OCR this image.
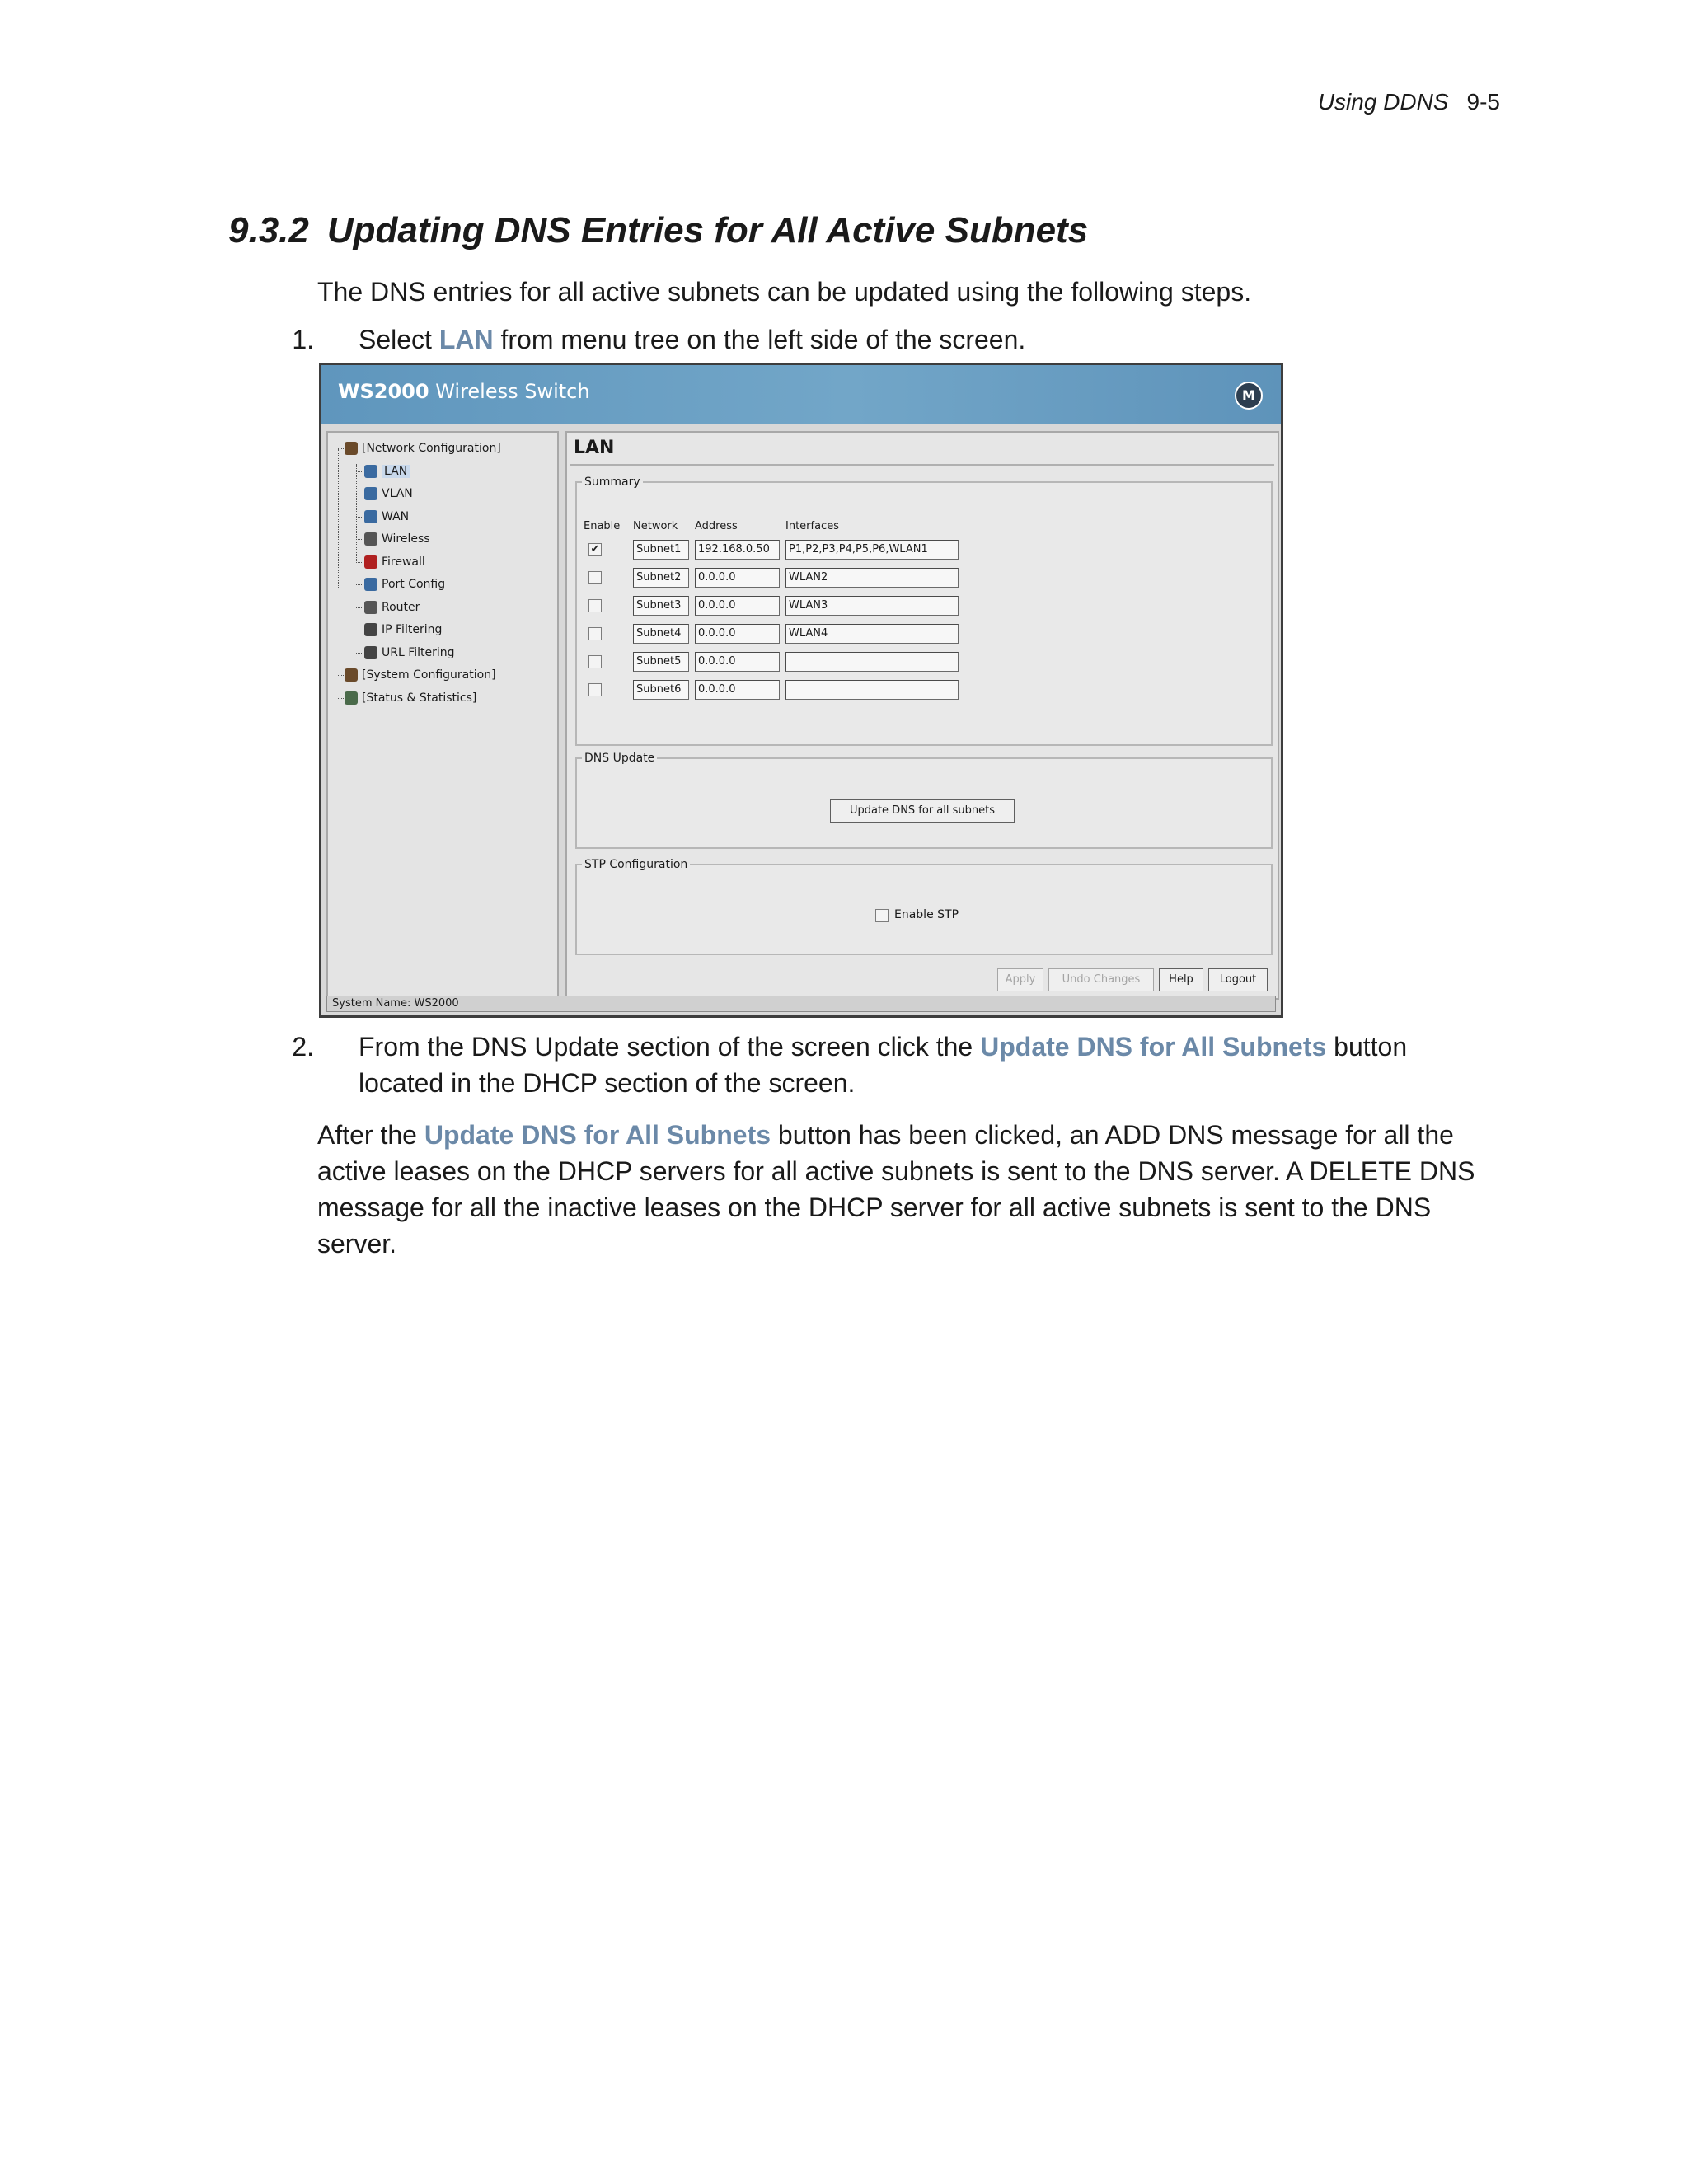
Using DDNS 9-5
9.3.2 Updating DNS Entries for All Active Subnets
The DNS entries for all active subnets can be updated using the following steps.
1. Select LAN from menu tree on the left side of the screen.
WS2000 Wireless Switch	M
[Network Configuration]
LAN
VLAN
WAN
Wireless
Firewall
Port Config
Router
IP Filtering
URL Filtering
[System Configuration]
[Status & Statistics]
LAN
Summary
Enable Network Address	Interfaces
✔	Subnet1	192.168.0.50	P1,P2,P3,P4,P5,P6,WLAN1
Subnet2	0.0.0.0	WLAN2
Subnet3	0.0.0.0	WLAN3
Subnet4	0.0.0.0	WLAN4
Subnet5	0.0.0.0
Subnet6	0.0.0.0
DNS Update
Update DNS for all subnets
STP Configuration
Enable STP
Apply	Undo Changes	Help	Logout
System Name: WS2000
2. From the DNS Update section of the screen click the Update DNS for All Subnets button located in the DHCP section of the screen.
After the Update DNS for All Subnets button has been clicked, an ADD DNS message for all the active leases on the DHCP servers for all active subnets is sent to the DNS server. A DELETE DNS message for all the inactive leases on the DHCP server for all active subnets is sent to the DNS server.
